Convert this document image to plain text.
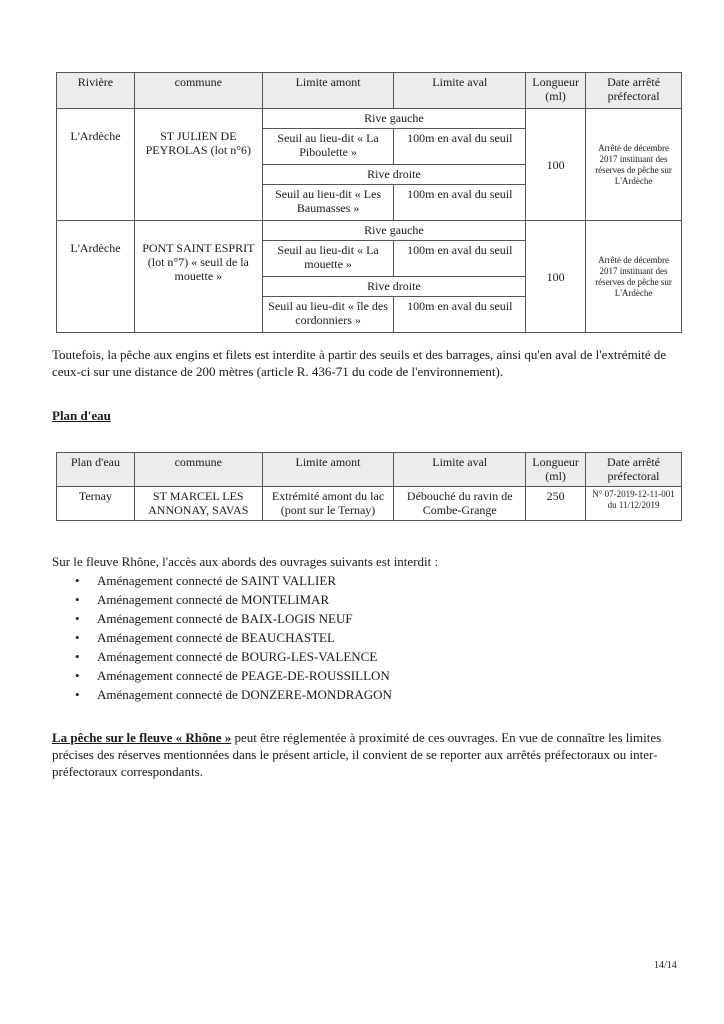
Rivière	commune	Limite amont	Limite aval	Longueur (ml)	Date arrêté préfectoral
L'Ardèche	ST JULIEN DE PEYROLAS (lot n°6)	Rive gauche		100	Arrêté de décembre 2017 instituant des réserves de pêche sur L'Ardèche
		Seuil au lieu-dit « La Piboulette »	100m en aval du seuil		
		Rive droite			
		Seuil au lieu-dit « Les Baumasses »	100m en aval du seuil		
L'Ardèche	PONT SAINT ESPRIT (lot n°7) « seuil de la mouette »	Rive gauche		100	Arrêté de décembre 2017 instituant des réserves de pêche sur L'Ardèche
		Seuil au lieu-dit « La mouette »	100m en aval du seuil		
		Rive droite			
		Seuil au lieu-dit « île des cordonniers »	100m en aval du seuil		

Toutefois, la pêche aux engins et filets est interdite à partir des seuils et des barrages, ainsi qu'en aval de l'extrémité de ceux-ci sur une distance de 200 mètres (article R. 436-71 du code de l'environnement).

Plan d'eau

Plan d'eau	commune	Limite amont	Limite aval	Longueur (ml)	Date arrêté préfectoral
Ternay	ST MARCEL LES ANNONAY, SAVAS	Extrémité amont du lac (pont sur le Ternay)	Débouché du ravin de Combe-Grange	250	N° 07-2019-12-11-001 du 11/12/2019

Sur le fleuve Rhône, l'accès aux abords des ouvrages suivants est interdit :

• Aménagement connecté de SAINT VALLIER
• Aménagement connecté de MONTELIMAR
• Aménagement connecté de BAIX-LOGIS NEUF
• Aménagement connecté de BEAUCHASTEL
• Aménagement connecté de BOURG-LES-VALENCE
• Aménagement connecté de PEAGE-DE-ROUSSILLON
• Aménagement connecté de DONZERE-MONDRAGON

La pêche sur le fleuve « Rhône » peut être réglementée à proximité de ces ouvrages. En vue de connaître les limites précises des réserves mentionnées dans le présent article, il convient de se reporter aux arrêtés préfectoraux ou inter-préfectoraux correspondants.

14/14
